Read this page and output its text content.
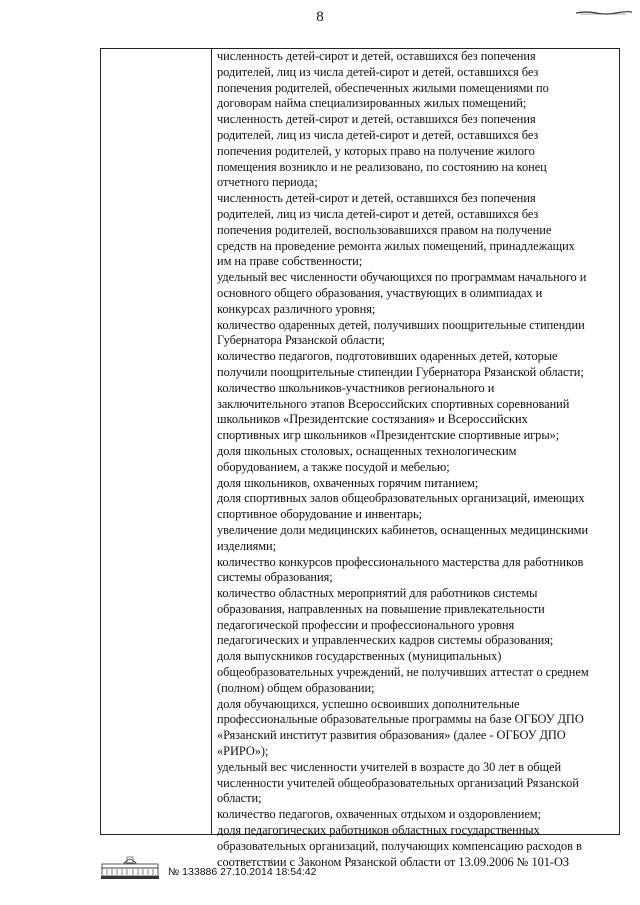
8
численность детей-сирот и детей, оставшихся без попечения
родителей, лиц из числа детей-сирот и детей, оставшихся без
попечения родителей, обеспеченных жилыми помещениями по
договорам найма специализированных жилых помещений;
численность детей-сирот и детей, оставшихся без попечения
родителей, лиц из числа детей-сирот и детей, оставшихся без
попечения родителей, у которых право на получение жилого
помещения возникло и не реализовано, по состоянию на конец
отчетного периода;
численность детей-сирот и детей, оставшихся без попечения
родителей, лиц из числа детей-сирот и детей, оставшихся без
попечения родителей, воспользовавшихся правом на получение
средств на проведение ремонта жилых помещений, принадлежащих
им на праве собственности;
удельный вес численности обучающихся по программам начального и
основного общего образования, участвующих в олимпиадах и
конкурсах различного уровня;
количество одаренных детей, получивших поощрительные стипендии
Губернатора Рязанской области;
количество педагогов, подготовивших одаренных детей, которые
получили поощрительные стипендии Губернатора Рязанской области;
количество школьников-участников регионального и
заключительного этапов Всероссийских спортивных соревнований
школьников «Президентские состязания» и Всероссийских
спортивных игр школьников «Президентские спортивные игры»;
доля школьных столовых, оснащенных технологическим
оборудованием, а также посудой и мебелью;
доля школьников, охваченных горячим питанием;
доля спортивных залов общеобразовательных организаций, имеющих
спортивное оборудование и инвентарь;
увеличение доли медицинских кабинетов, оснащенных медицинскими
изделиями;
количество конкурсов профессионального мастерства для работников
системы образования;
количество областных мероприятий для работников системы
образования, направленных на повышение привлекательности
педагогической профессии и профессионального уровня
педагогических и управленческих кадров системы образования;
доля выпускников государственных (муниципальных)
общеобразовательных учреждений, не получивших аттестат о среднем
(полном) общем образовании;
доля обучающихся, успешно освоивших дополнительные
профессиональные образовательные программы на базе ОГБОУ ДПО
«Рязанский институт развития образования» (далее - ОГБОУ ДПО
«РИРО»);
удельный вес численности учителей в возрасте до 30 лет в общей
численности учителей общеобразовательных организаций Рязанской
области;
количество педагогов, охваченных отдыхом и оздоровлением;
доля педагогических работников областных государственных
образовательных организаций, получающих компенсацию расходов в
соответствии с Законом Рязанской области от 13.09.2006 № 101-ОЗ
№ 133886 27.10.2014 18:54:42
